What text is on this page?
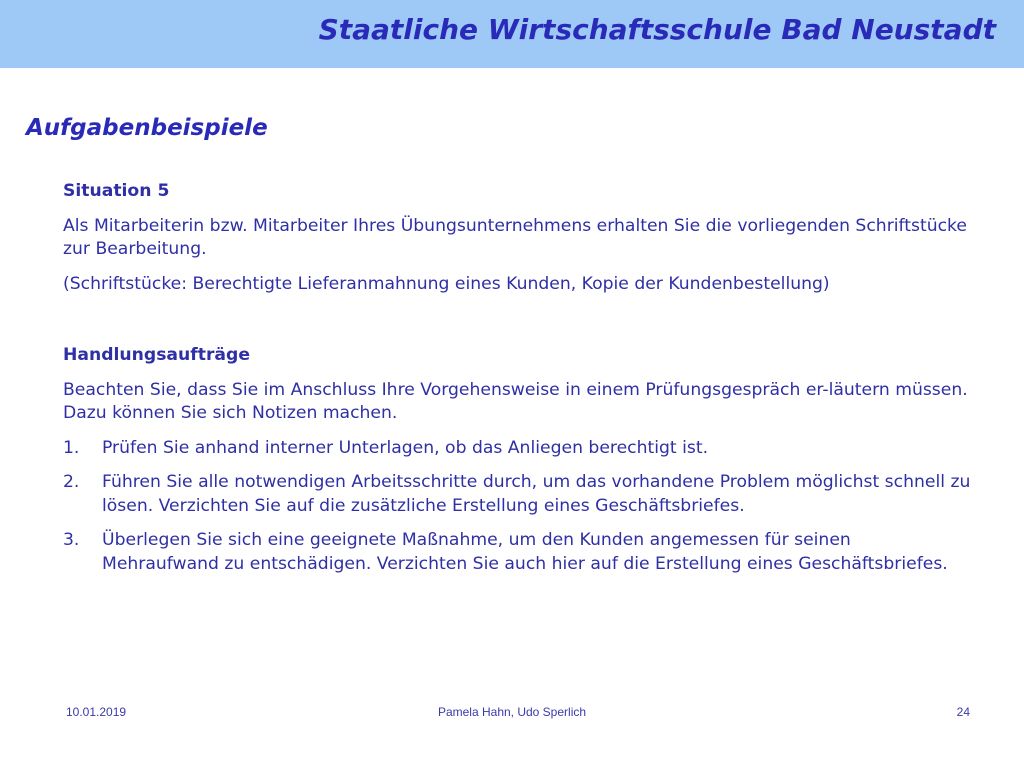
Staatliche Wirtschaftsschule Bad Neustadt
Aufgabenbeispiele

Situation 5

Als Mitarbeiterin bzw. Mitarbeiter Ihres Übungsunternehmens erhalten Sie die vorliegenden Schriftstücke zur Bearbeitung.

(Schriftstücke: Berechtigte Lieferanmahnung eines Kunden, Kopie der Kundenbestellung)

Handlungsaufträge

Beachten Sie, dass Sie im Anschluss Ihre Vorgehensweise in einem Prüfungsgespräch er-läutern müssen. Dazu können Sie sich Notizen machen.

1.	Prüfen Sie anhand interner Unterlagen, ob das Anliegen berechtigt ist.
2.	Führen Sie alle notwendigen Arbeitsschritte durch, um das vorhandene Problem möglichst schnell zu lösen. Verzichten Sie auf die zusätzliche Erstellung eines Geschäftsbriefes.
3.	Überlegen Sie sich eine geeignete Maßnahme, um den Kunden angemessen für seinen Mehraufwand zu entschädigen. Verzichten Sie auch hier auf die Erstellung eines Geschäftsbriefes.
10.01.2019	Pamela Hahn, Udo Sperlich	24
